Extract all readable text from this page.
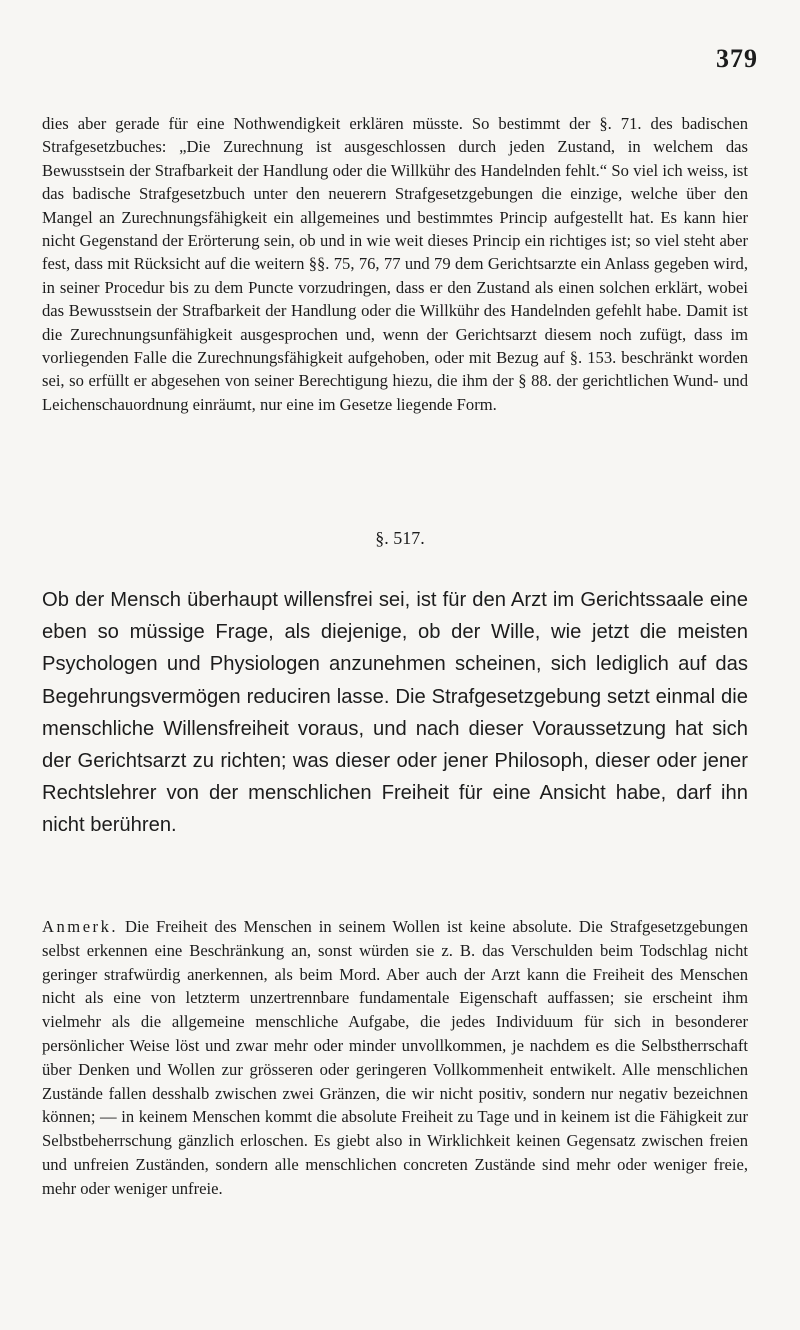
379

dies aber gerade für eine Nothwendigkeit erklären müsste. So bestimmt der §. 71. des badischen Strafgesetzbuches: „Die Zurechnung ist ausgeschlossen durch jeden Zustand, in welchem das Bewusstsein der Strafbarkeit der Handlung oder die Willkühr des Handelnden fehlt.“ So viel ich weiss, ist das badische Strafgesetzbuch unter den neuerern Strafgesetzgebungen die einzige, welche über den Mangel an Zurechnungsfähigkeit ein allgemeines und bestimmtes Princip aufgestellt hat. Es kann hier nicht Gegenstand der Erörterung sein, ob und in wie weit dieses Princip ein richtiges ist; so viel steht aber fest, dass mit Rücksicht auf die weitern §§. 75, 76, 77 und 79 dem Gerichtsarzte ein Anlass gegeben wird, in seiner Procedur bis zu dem Puncte vorzudringen, dass er den Zustand als einen solchen erklärt, wobei das Bewusstsein der Strafbarkeit der Handlung oder die Willkühr des Handelnden gefehlt habe. Damit ist die Zurechnungsunfähigkeit ausgesprochen und, wenn der Gerichtsarzt diesem noch zufügt, dass im vorliegenden Falle die Zurechnungsfähigkeit aufgehoben, oder mit Bezug auf §. 153. beschränkt worden sei, so erfüllt er abgesehen von seiner Berechtigung hiezu, die ihm der § 88. der gerichtlichen Wund- und Leichenschauordnung einräumt, nur eine im Gesetze liegende Form.

§. 517.

Ob der Mensch überhaupt willensfrei sei, ist für den Arzt im Gerichtssaale eine eben so müssige Frage, als diejenige, ob der Wille, wie jetzt die meisten Psychologen und Physiologen anzunehmen scheinen, sich lediglich auf das Begehrungsvermögen reduciren lasse. Die Strafgesetzgebung setzt einmal die menschliche Willensfreiheit voraus, und nach dieser Voraussetzung hat sich der Gerichtsarzt zu richten; was dieser oder jener Philosoph, dieser oder jener Rechtslehrer von der menschlichen Freiheit für eine Ansicht habe, darf ihn nicht berühren.

Anmerk. Die Freiheit des Menschen in seinem Wollen ist keine absolute. Die Strafgesetzgebungen selbst erkennen eine Beschränkung an, sonst würden sie z. B. das Verschulden beim Todschlag nicht geringer strafwürdig anerkennen, als beim Mord. Aber auch der Arzt kann die Freiheit des Menschen nicht als eine von letzterm unzertrennbare fundamentale Eigenschaft auffassen; sie erscheint ihm vielmehr als die allgemeine menschliche Aufgabe, die jedes Individuum für sich in besonderer persönlicher Weise löst und zwar mehr oder minder unvollkommen, je nachdem es die Selbstherrschaft über Denken und Wollen zur grösseren oder geringeren Vollkommenheit entwikelt. Alle menschlichen Zustände fallen desshalb zwischen zwei Gränzen, die wir nicht positiv, sondern nur negativ bezeichnen können; — in keinem Menschen kommt die absolute Freiheit zu Tage und in keinem ist die Fähigkeit zur Selbstbeherrschung gänzlich erloschen. Es giebt also in Wirklichkeit keinen Gegensatz zwischen freien und unfreien Zuständen, sondern alle menschlichen concreten Zustände sind mehr oder weniger freie, mehr oder weniger unfreie.
